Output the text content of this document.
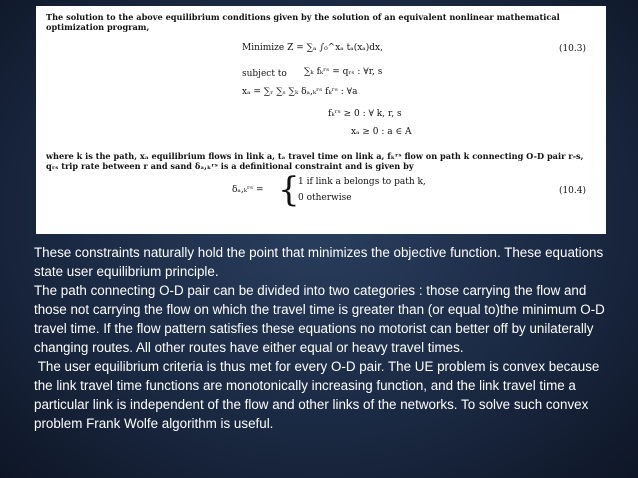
The solution to the above equilibrium conditions given by the solution of an equivalent nonlinear mathematical optimization program,

Minimize Z = ∑ₐ ∫₀^xₐ tₐ(xₐ)dx,	(10.3)
subject to ∑ₖ fₖʳˢ = qᵣₛ : ∀r, s
xₐ = ∑ᵣ ∑ₛ ∑ₖ δₐ,ₖʳˢ fₖʳˢ : ∀a
fₖʳˢ ≥ 0 : ∀ k, r, s
xₐ ≥ 0 : a ∈ A

where k is the path, xₐ equilibrium flows in link a, tₐ travel time on link a, fₖʳˢ flow on path k connecting O-D pair r-s, qᵣₛ trip rate between r and sand δₐ,ₖʳˢ is a definitional constraint and is given by

δₐ,ₖʳˢ = {
1 if link a belongs to path k,
0 otherwise
(10.4)

These constraints naturally hold the point that minimizes the objective function. These equations state user equilibrium principle.

The path connecting O-D pair can be divided into two categories : those carrying the flow and those not carrying the flow on which the travel time is greater than (or equal to)the minimum O-D travel time. If the flow pattern satisfies these equations no motorist can better off by unilaterally changing routes. All other routes have either equal or heavy travel times.

The user equilibrium criteria is thus met for every O-D pair. The UE problem is convex because the link travel time functions are monotonically increasing function, and the link travel time a particular link is independent of the flow and other links of the networks. To solve such convex problem Frank Wolfe algorithm is useful.
